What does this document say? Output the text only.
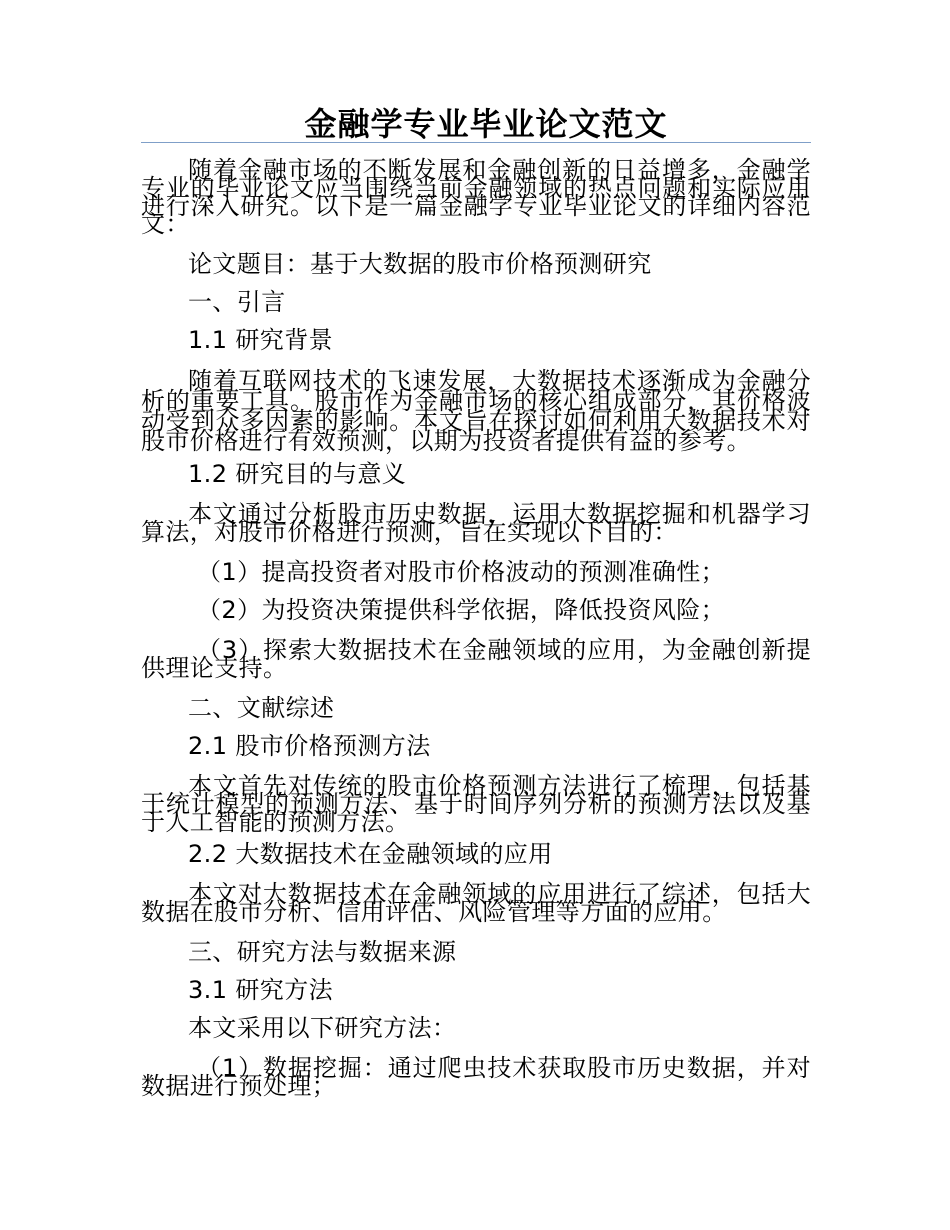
金融学专业毕业论文范文

随着金融市场的不断发展和金融创新的日益增多，金融学专业的毕业论文应当围绕当前金融领域的热点问题和实际应用进行深入研究。以下是一篇金融学专业毕业论文的详细内容范文：

论文题目：基于大数据的股市价格预测研究

一、引言

1.1 研究背景

随着互联网技术的飞速发展，大数据技术逐渐成为金融分析的重要工具。股市作为金融市场的核心组成部分，其价格波动受到众多因素的影响。本文旨在探讨如何利用大数据技术对股市价格进行有效预测，以期为投资者提供有益的参考。

1.2 研究目的与意义

本文通过分析股市历史数据，运用大数据挖掘和机器学习算法，对股市价格进行预测，旨在实现以下目的：

（1）提高投资者对股市价格波动的预测准确性；

（2）为投资决策提供科学依据，降低投资风险；

（3）探索大数据技术在金融领域的应用，为金融创新提供理论支持。

二、文献综述

2.1 股市价格预测方法

本文首先对传统的股市价格预测方法进行了梳理，包括基于统计模型的预测方法、基于时间序列分析的预测方法以及基于人工智能的预测方法。

2.2 大数据技术在金融领域的应用

本文对大数据技术在金融领域的应用进行了综述，包括大数据在股市分析、信用评估、风险管理等方面的应用。

三、研究方法与数据来源

3.1 研究方法

本文采用以下研究方法：

（1）数据挖掘：通过爬虫技术获取股市历史数据，并对数据进行预处理；
